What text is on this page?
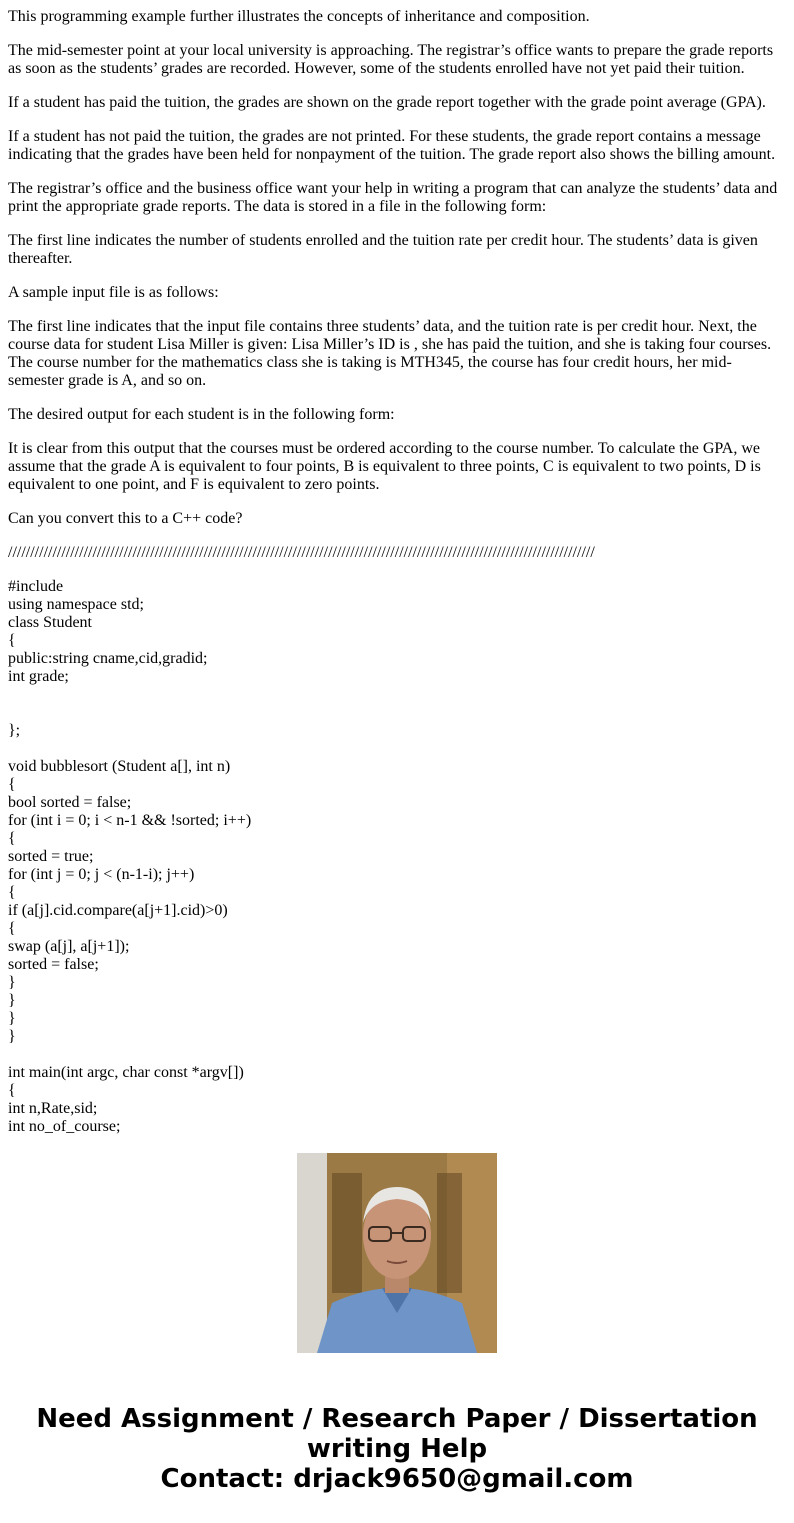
This programming example further illustrates the concepts of inheritance and composition.

The mid-semester point at your local university is approaching. The registrar’s office wants to prepare the grade reports as soon as the students’ grades are recorded. However, some of the students enrolled have not yet paid their tuition.

If a student has paid the tuition, the grades are shown on the grade report together with the grade point average (GPA).

If a student has not paid the tuition, the grades are not printed. For these students, the grade report contains a message indicating that the grades have been held for nonpayment of the tuition. The grade report also shows the billing amount.

The registrar’s office and the business office want your help in writing a program that can analyze the students’ data and print the appropriate grade reports. The data is stored in a file in the following form:

The first line indicates the number of students enrolled and the tuition rate per credit hour. The students’ data is given thereafter.

A sample input file is as follows:

The first line indicates that the input file contains three students’ data, and the tuition rate is per credit hour. Next, the course data for student Lisa Miller is given: Lisa Miller’s ID is , she has paid the tuition, and she is taking four courses. The course number for the mathematics class she is taking is MTH345, the course has four credit hours, her mid-semester grade is A, and so on.

The desired output for each student is in the following form:

It is clear from this output that the courses must be ordered according to the course number. To calculate the GPA, we assume that the grade A is equivalent to four points, B is equivalent to three points, C is equivalent to two points, D is equivalent to one point, and F is equivalent to zero points.

Can you convert this to a C++ code?

////////////////////////////////////////////////////////////////////////////////////////////////////////////////////////////////////

#include
using namespace std;
class Student
{
public:string cname,cid,gradid;
int grade;

};

void bubblesort (Student a[], int n)
{
bool sorted = false;
for (int i = 0; i < n-1 && !sorted; i++)
{
sorted = true;
for (int j = 0; j < (n-1-i); j++)
{
if (a[j].cid.compare(a[j+1].cid)>0)
{
swap (a[j], a[j+1]);
sorted = false;
}
}
}
}

int main(int argc, char const *argv[])
{
int n,Rate,sid;
int no_of_course;
Need Assignment / Research Paper / Dissertation
writing Help
Contact: drjack9650@gmail.com
